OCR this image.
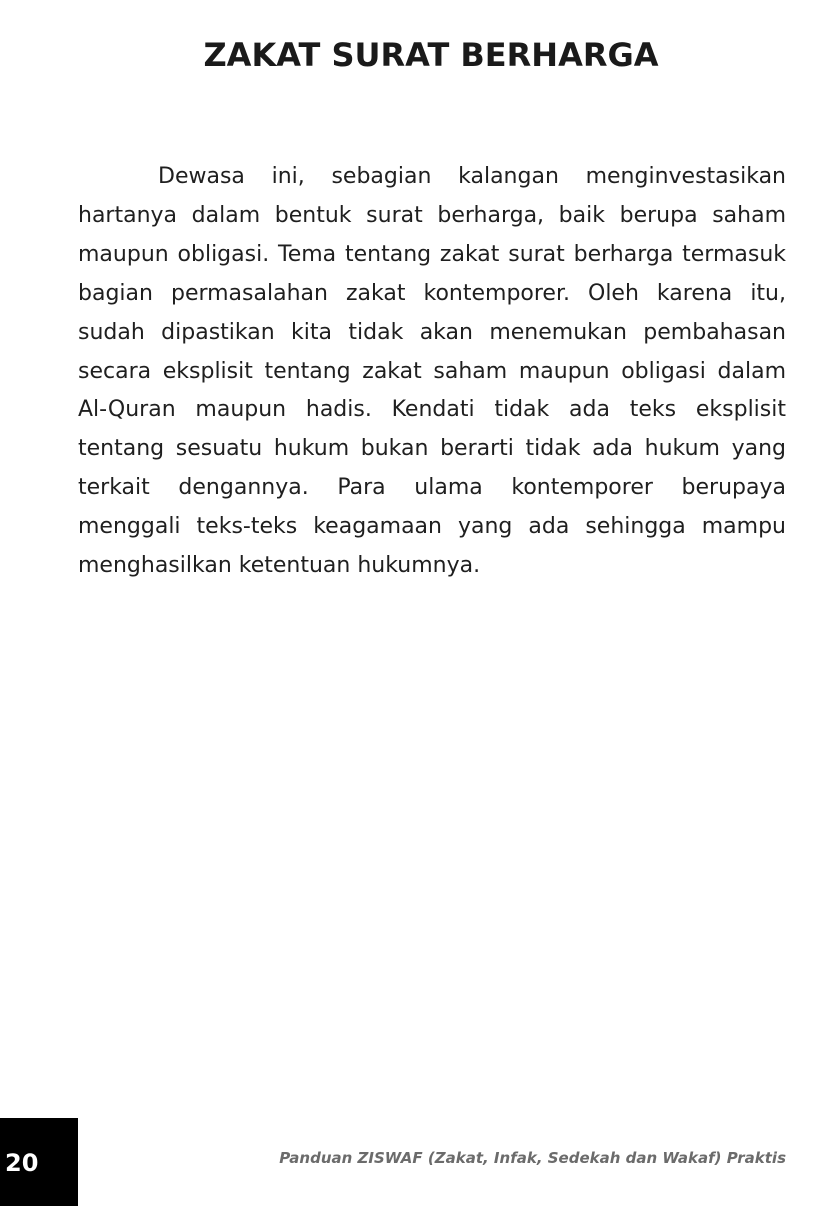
ZAKAT SURAT BERHARGA

Dewasa ini, sebagian kalangan menginvestasikan hartanya dalam bentuk surat berharga, baik berupa saham maupun obligasi. Tema tentang zakat surat berharga termasuk bagian permasalahan zakat kontemporer. Oleh karena itu, sudah dipastikan kita tidak akan menemukan pembahasan secara eksplisit tentang zakat saham maupun obligasi dalam Al-Quran maupun hadis. Kendati tidak ada teks eksplisit tentang sesuatu hukum bukan berarti tidak ada hukum yang terkait dengannya. Para ulama kontemporer berupaya menggali teks-teks keagamaan yang ada sehingga mampu menghasilkan ketentuan hukumnya.

20	Panduan ZISWAF (Zakat, Infak, Sedekah dan Wakaf) Praktis
